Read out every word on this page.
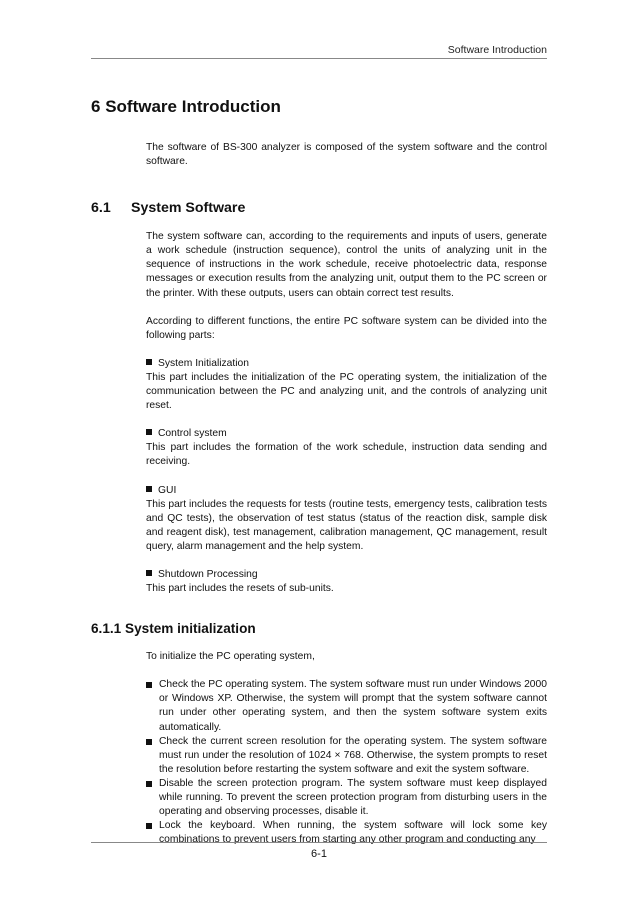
Software Introduction
6 Software Introduction

The software of BS-300 analyzer is composed of the system software and the control software.

6.1 System Software

The system software can, according to the requirements and inputs of users, generate a work schedule (instruction sequence), control the units of analyzing unit in the sequence of instructions in the work schedule, receive photoelectric data, response messages or execution results from the analyzing unit, output them to the PC screen or the printer. With these outputs, users can obtain correct test results.

According to different functions, the entire PC software system can be divided into the following parts:

System Initialization

This part includes the initialization of the PC operating system, the initialization of the communication between the PC and analyzing unit, and the controls of analyzing unit reset.

Control system

This part includes the formation of the work schedule, instruction data sending and receiving.

GUI

This part includes the requests for tests (routine tests, emergency tests, calibration tests and QC tests), the observation of test status (status of the reaction disk, sample disk and reagent disk), test management, calibration management, QC management, result query, alarm management and the help system.

Shutdown Processing

This part includes the resets of sub-units.

6.1.1 System initialization

To initialize the PC operating system,

Check the PC operating system. The system software must run under Windows 2000 or Windows XP. Otherwise, the system will prompt that the system software cannot run under other operating system, and then the system software system exits automatically.
Check the current screen resolution for the operating system. The system software must run under the resolution of 1024 × 768. Otherwise, the system prompts to reset the resolution before restarting the system software and exit the system software.
Disable the screen protection program. The system software must keep displayed while running. To prevent the screen protection program from disturbing users in the operating and observing processes, disable it.
Lock the keyboard. When running, the system software will lock some key combinations to prevent users from starting any other program and conducting any
6-1
